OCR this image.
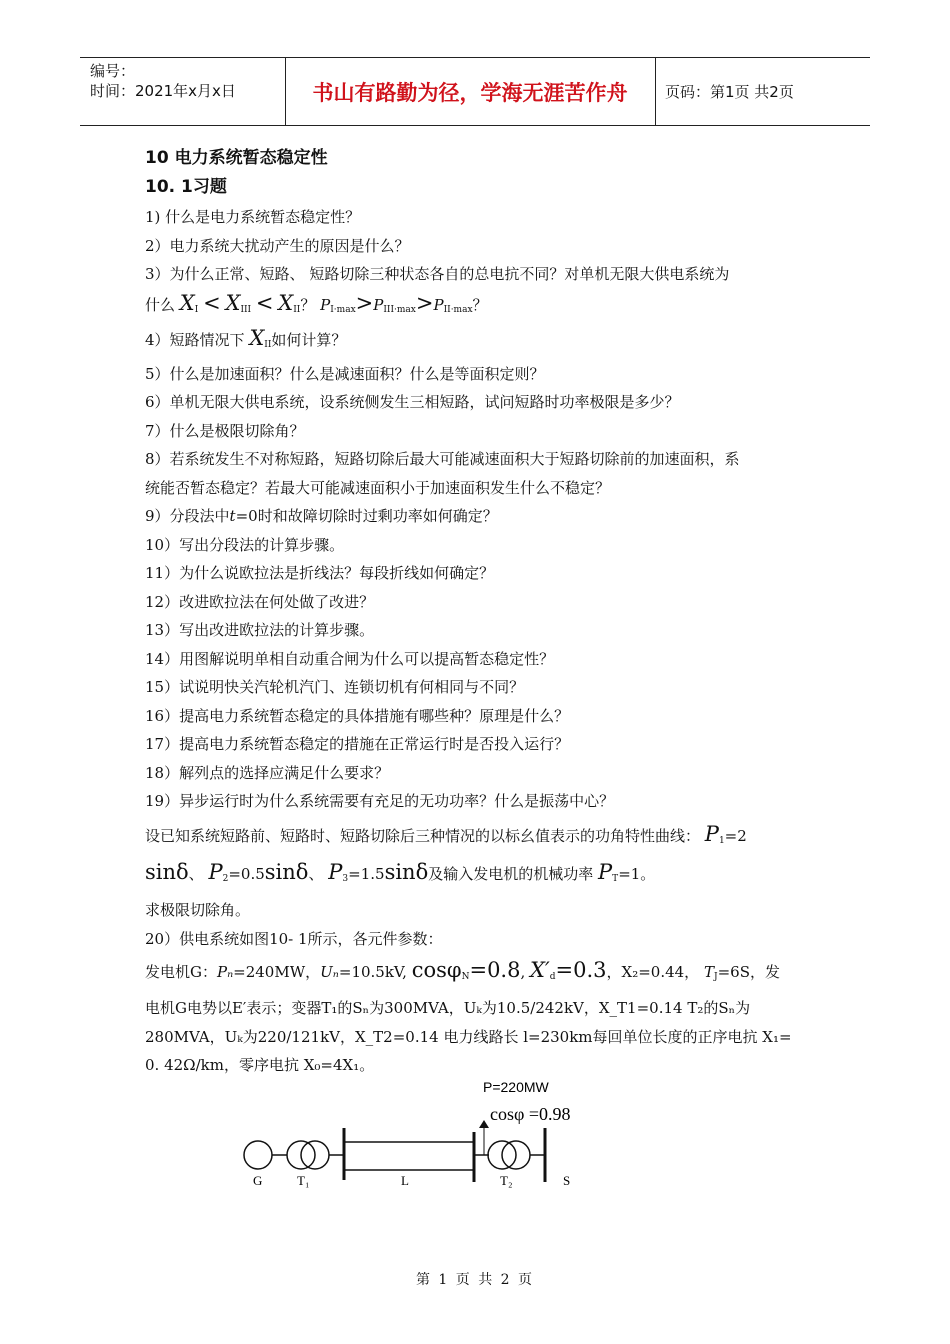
编号：
时间：2021年x月x日	书山有路勤为径，学海无涯苦作舟	页码：第1页 共2页

10 电力系统暂态稳定性

10. 1习题

1) 什么是电力系统暂态稳定性？

2）电力系统大扰动产生的原因是什么？

3）为什么正常、短路、 短路切除三种状态各自的总电抗不同？对单机无限大供电系统为

什么 $X_I < X_{III} < X_{II}$？ $P_{I\cdot max}>P_{III\cdot max}>P_{II\cdot max}$？

4）短路情况下 $X_{II}$如何计算？

5）什么是加速面积？什么是减速面积？什么是等面积定则？

6）单机无限大供电系统，设系统侧发生三相短路，试问短路时功率极限是多少？

7）什么是极限切除角？

8）若系统发生不对称短路，短路切除后最大可能减速面积大于短路切除前的加速面积，系

统能否暂态稳定？若最大可能减速面积小于加速面积发生什么不稳定？

9）分段法中t=0时和故障切除时过剩功率如何确定？

10）写出分段法的计算步骤。

11）为什么说欧拉法是折线法？每段折线如何确定？

12）改进欧拉法在何处做了改进？

13）写出改进欧拉法的计算步骤。

14）用图解说明单相自动重合闸为什么可以提高暂态稳定性？

15）试说明快关汽轮机汽门、连锁切机有何相同与不同？

16）提高电力系统暂态稳定的具体措施有哪些种？原理是什么？

17）提高电力系统暂态稳定的措施在正常运行时是否投入运行？

18）解列点的选择应满足什么要求？

19）异步运行时为什么系统需要有充足的无功功率？什么是振荡中心？

设已知系统短路前、短路时、短路切除后三种情况的以标幺值表示的功角特性曲线： $P_1=2$

sinδ、 $P_2=0.5\sin\delta$、 $P_3=1.5\sin\delta$及输入发电机的机械功率 $P_T=1$。

求极限切除角。

20）供电系统如图10- 1所示，各元件参数：

发电机G：Pₙ=240MW，Uₙ=10.5kV, cosφ$_N$=0.8, $X'_d=0.3$，X₂=0.44， $T_J=6S$，发

电机G电势以E′表示；变器T₁的Sₙ为300MVA，Uₖ为10.5/242kV，X_T1=0.14 T₂的Sₙ为

280MVA，Uₖ为220/121kV，X_T2=0.14 电力线路长 l=230km每回单位长度的正序电抗 X₁=

0. 42Ω/km，零序电抗 X₀=4X₁。

P=220MW
cosφ =0.98
G	T₁	L	T₂	S
第 1 页 共 2 页
